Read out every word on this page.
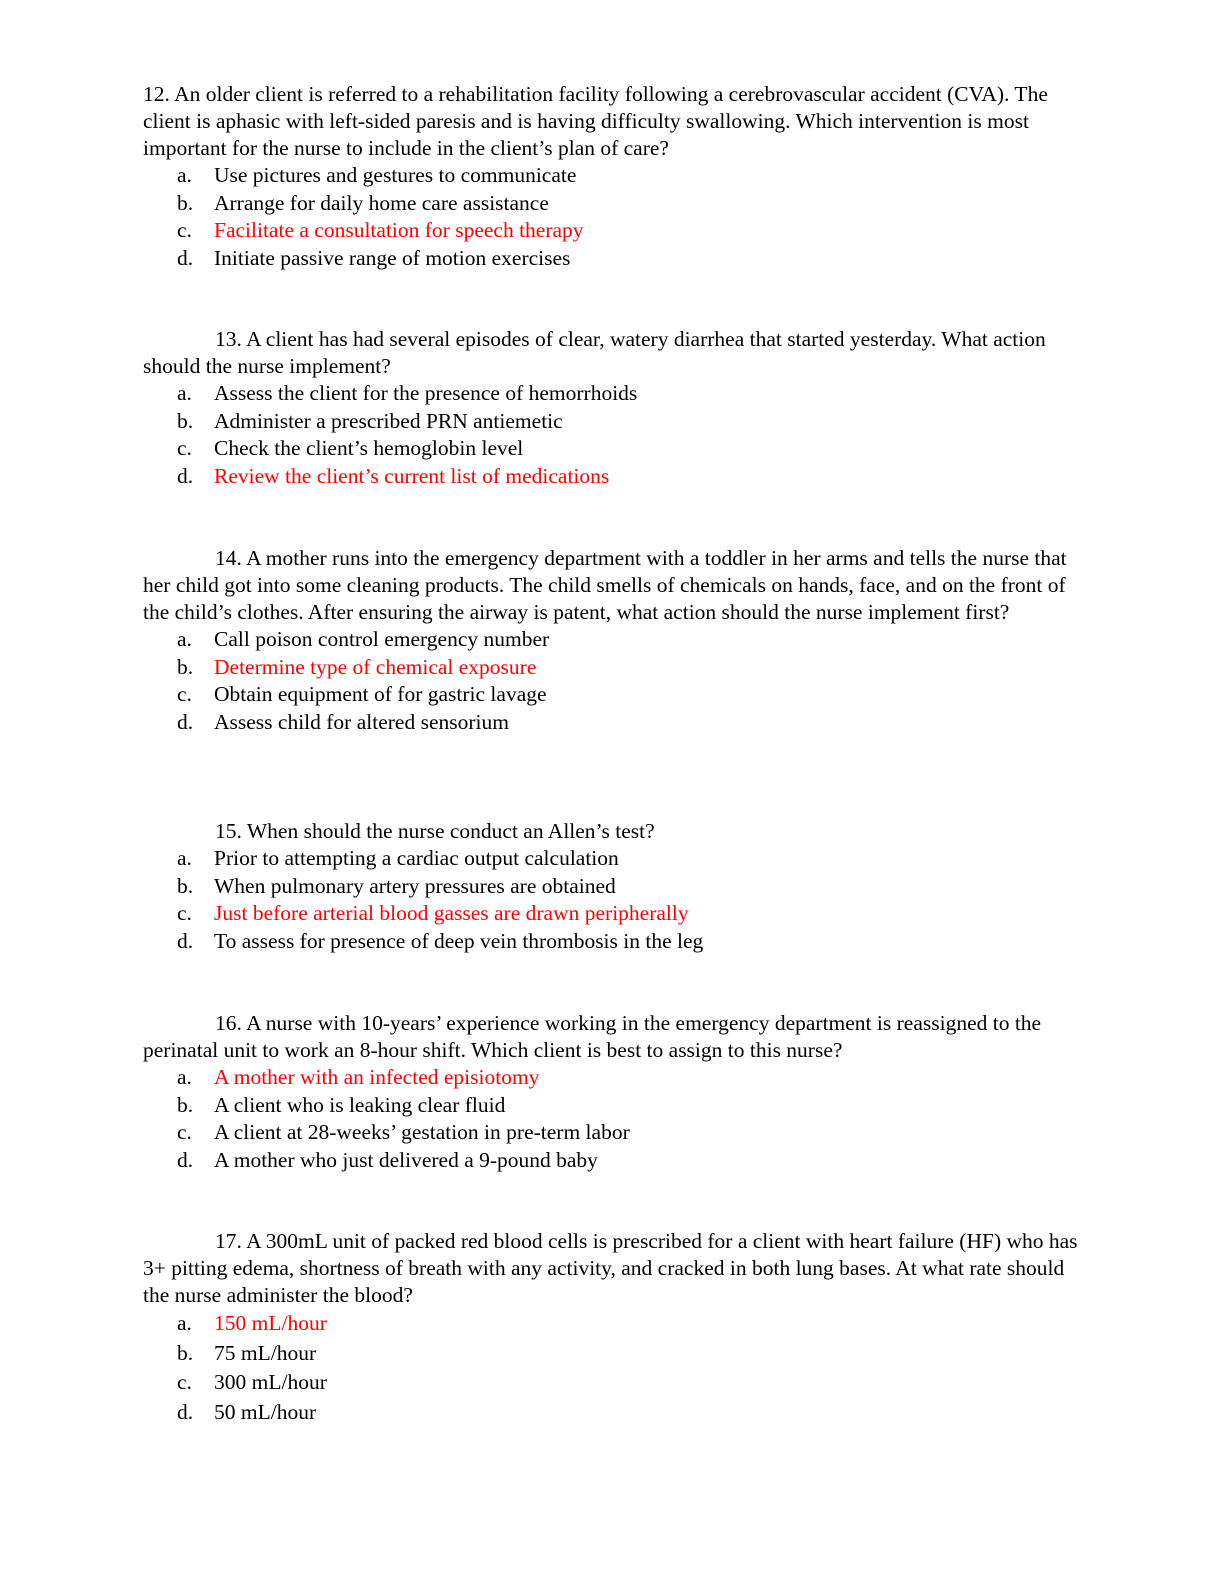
12. An older client is referred to a rehabilitation facility following a cerebrovascular accident (CVA). The client is aphasic with left-sided paresis and is having difficulty swallowing. Which intervention is most important for the nurse to include in the client’s plan of care?

a. Use pictures and gestures to communicate
b. Arrange for daily home care assistance
c. Facilitate a consultation for speech therapy
d. Initiate passive range of motion exercises

13. A client has had several episodes of clear, watery diarrhea that started yesterday. What action should the nurse implement?

a. Assess the client for the presence of hemorrhoids
b. Administer a prescribed PRN antiemetic
c. Check the client’s hemoglobin level
d. Review the client’s current list of medications

14. A mother runs into the emergency department with a toddler in her arms and tells the nurse that her child got into some cleaning products. The child smells of chemicals on hands, face, and on the front of the child’s clothes. After ensuring the airway is patent, what action should the nurse implement first?

a. Call poison control emergency number
b. Determine type of chemical exposure
c. Obtain equipment of for gastric lavage
d. Assess child for altered sensorium

15. When should the nurse conduct an Allen’s test?

a. Prior to attempting a cardiac output calculation
b. When pulmonary artery pressures are obtained
c. Just before arterial blood gasses are drawn peripherally
d. To assess for presence of deep vein thrombosis in the leg

16. A nurse with 10-years’ experience working in the emergency department is reassigned to the perinatal unit to work an 8-hour shift. Which client is best to assign to this nurse?

a. A mother with an infected episiotomy
b. A client who is leaking clear fluid
c. A client at 28-weeks’ gestation in pre-term labor
d. A mother who just delivered a 9-pound baby

17. A 300mL unit of packed red blood cells is prescribed for a client with heart failure (HF) who has 3+ pitting edema, shortness of breath with any activity, and cracked in both lung bases. At what rate should the nurse administer the blood?

a. 150 mL/hour
b. 75 mL/hour
c. 300 mL/hour
d. 50 mL/hour
